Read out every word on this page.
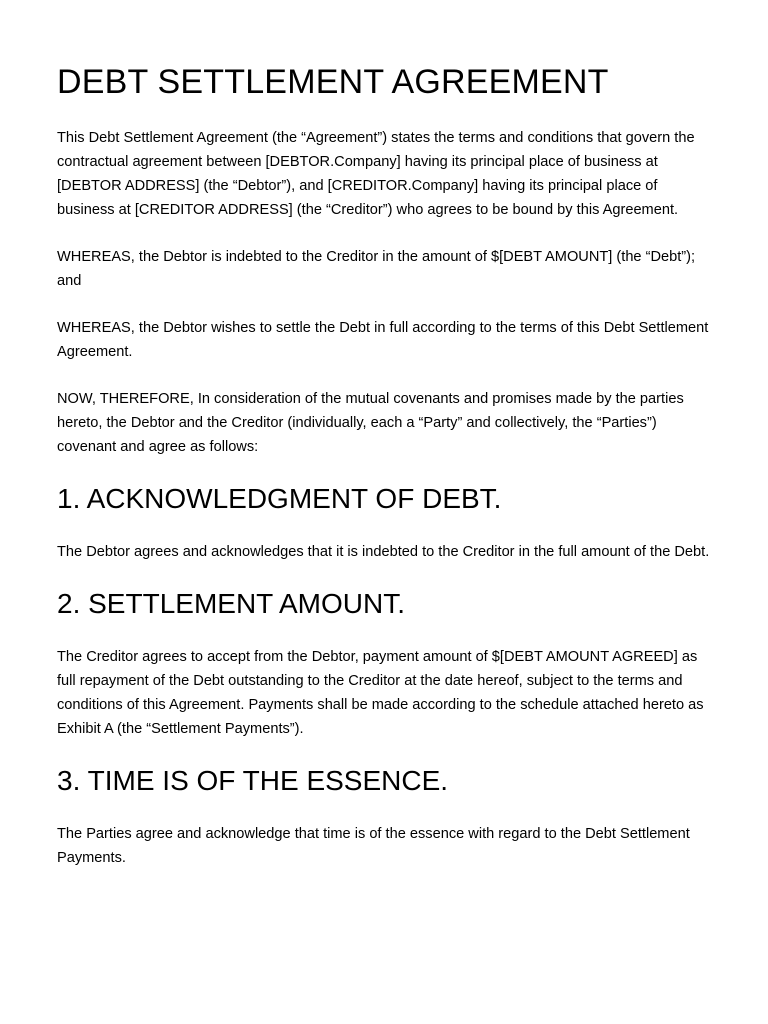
DEBT SETTLEMENT AGREEMENT

This Debt Settlement Agreement (the “Agreement”) states the terms and conditions that govern the contractual agreement between [DEBTOR.Company] having its principal place of business at [DEBTOR ADDRESS] (the “Debtor”), and [CREDITOR.Company] having its principal place of business at [CREDITOR ADDRESS] (the “Creditor”) who agrees to be bound by this Agreement.

WHEREAS, the Debtor is indebted to the Creditor in the amount of $[DEBT AMOUNT] (the “Debt”); and

WHEREAS, the Debtor wishes to settle the Debt in full according to the terms of this Debt Settlement Agreement.

NOW, THEREFORE, In consideration of the mutual covenants and promises made by the parties hereto, the Debtor and the Creditor (individually, each a “Party” and collectively, the “Parties”) covenant and agree as follows:

1. ACKNOWLEDGMENT OF DEBT.

The Debtor agrees and acknowledges that it is indebted to the Creditor in the full amount of the Debt.

2. SETTLEMENT AMOUNT.

The Creditor agrees to accept from the Debtor, payment amount of $[DEBT AMOUNT AGREED] as full repayment of the Debt outstanding to the Creditor at the date hereof, subject to the terms and conditions of this Agreement. Payments shall be made according to the schedule attached hereto as Exhibit A (the “Settlement Payments”).

3. TIME IS OF THE ESSENCE.

The Parties agree and acknowledge that time is of the essence with regard to the Debt Settlement Payments.
